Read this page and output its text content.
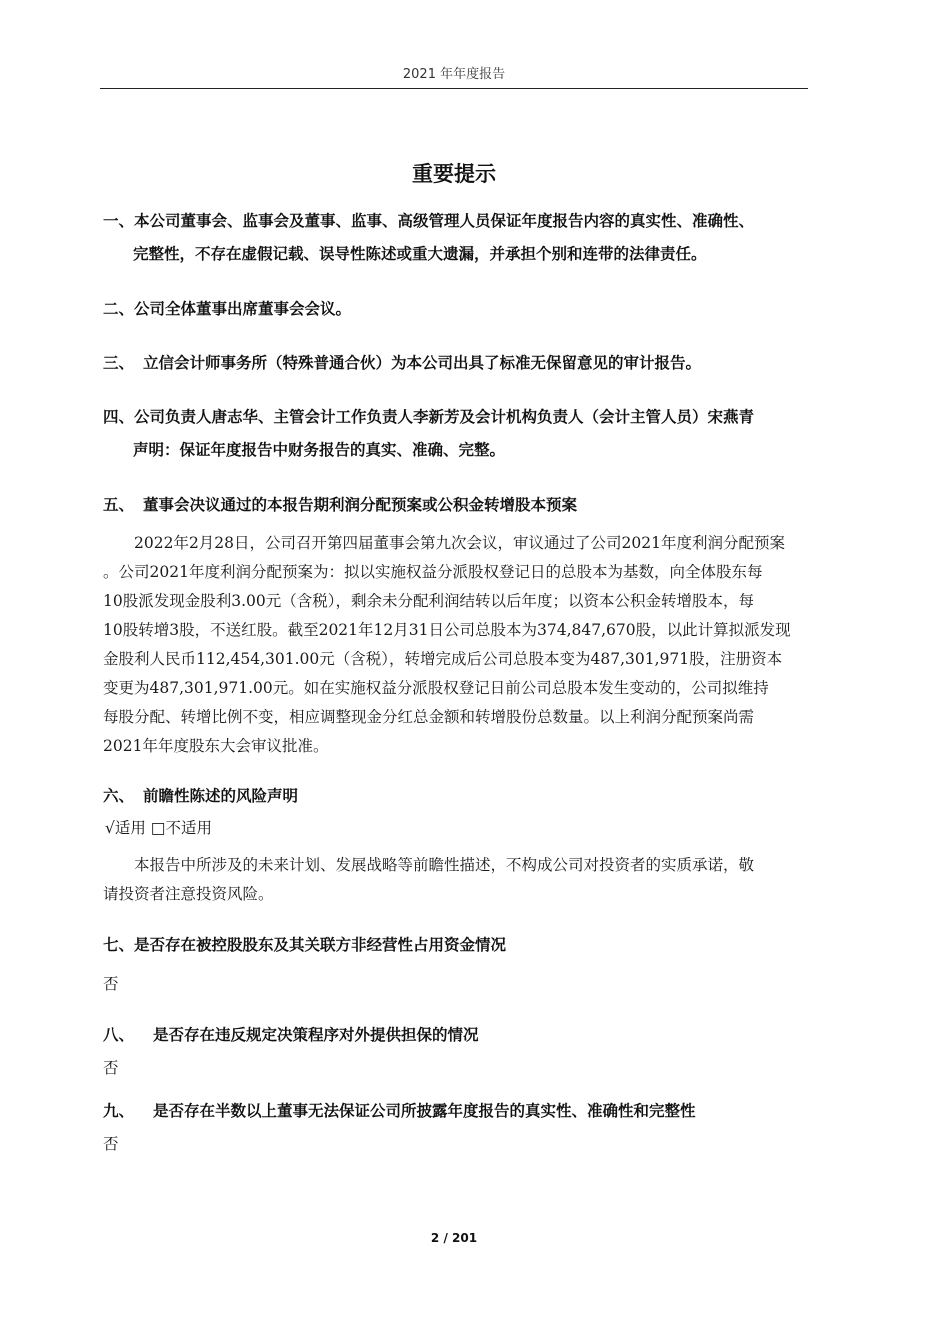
2021 年年度报告
重要提示
一、本公司董事会、监事会及董事、监事、高级管理人员保证年度报告内容的真实性、准确性、
完整性，不存在虚假记载、误导性陈述或重大遗漏，并承担个别和连带的法律责任。
二、公司全体董事出席董事会会议。
三、 立信会计师事务所（特殊普通合伙）为本公司出具了标准无保留意见的审计报告。
四、公司负责人唐志华、主管会计工作负责人李新芳及会计机构负责人（会计主管人员）宋燕青
声明：保证年度报告中财务报告的真实、准确、完整。
五、 董事会决议通过的本报告期利润分配预案或公积金转增股本预案
　　2022年2月28日，公司召开第四届董事会第九次会议，审议通过了公司2021年度利润分配预案
。公司2021年度利润分配预案为：拟以实施权益分派股权登记日的总股本为基数，向全体股东每
10股派发现金股利3.00元（含税），剩余未分配利润结转以后年度；以资本公积金转增股本，每
10股转增3股，不送红股。截至2021年12月31日公司总股本为374,847,670股，以此计算拟派发现
金股利人民币112,454,301.00元（含税），转增完成后公司总股本变为487,301,971股，注册资本
变更为487,301,971.00元。如在实施权益分派股权登记日前公司总股本发生变动的，公司拟维持
每股分配、转增比例不变，相应调整现金分红总金额和转增股份总数量。以上利润分配预案尚需
2021年年度股东大会审议批准。
六、 前瞻性陈述的风险声明
√适用 □不适用
　　本报告中所涉及的未来计划、发展战略等前瞻性描述，不构成公司对投资者的实质承诺，敬
请投资者注意投资风险。
七、是否存在被控股股东及其关联方非经营性占用资金情况
否
八、 是否存在违反规定决策程序对外提供担保的情况
否
九、 是否存在半数以上董事无法保证公司所披露年度报告的真实性、准确性和完整性
否
2 / 201
